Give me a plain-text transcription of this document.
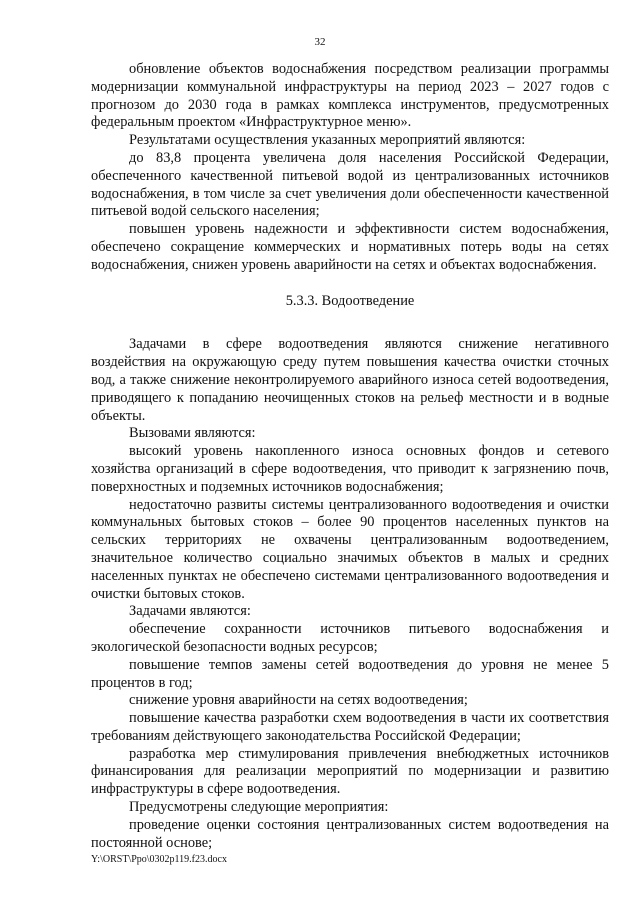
32

обновление объектов водоснабжения посредством реализации программы модернизации коммунальной инфраструктуры на период 2023 – 2027 годов с прогнозом до 2030 года в рамках комплекса инструментов, предусмотренных федеральным проектом «Инфраструктурное меню».

Результатами осуществления указанных мероприятий являются:

до 83,8 процента увеличена доля населения Российской Федерации, обеспеченного качественной питьевой водой из централизованных источников водоснабжения, в том числе за счет увеличения доли обеспеченности качественной питьевой водой сельского населения;

повышен уровень надежности и эффективности систем водоснабжения, обеспечено сокращение коммерческих и нормативных потерь воды на сетях водоснабжения, снижен уровень аварийности на сетях и объектах водоснабжения.

5.3.3. Водоотведение

Задачами в сфере водоотведения являются снижение негативного воздействия на окружающую среду путем повышения качества очистки сточных вод, а также снижение неконтролируемого аварийного износа сетей водоотведения, приводящего к попаданию неочищенных стоков на рельеф местности и в водные объекты.

Вызовами являются:

высокий уровень накопленного износа основных фондов и сетевого хозяйства организаций в сфере водоотведения, что приводит к загрязнению почв, поверхностных и подземных источников водоснабжения;

недостаточно развиты системы централизованного водоотведения и очистки коммунальных бытовых стоков – более 90 процентов населенных пунктов на сельских территориях не охвачены централизованным водоотведением, значительное количество социально значимых объектов в малых и средних населенных пунктах не обеспечено системами централизованного водоотведения и очистки бытовых стоков.

Задачами являются:

обеспечение сохранности источников питьевого водоснабжения и экологической безопасности водных ресурсов;

повышение темпов замены сетей водоотведения до уровня не менее 5 процентов в год;

снижение уровня аварийности на сетях водоотведения;

повышение качества разработки схем водоотведения в части их соответствия требованиям действующего законодательства Российской Федерации;

разработка мер стимулирования привлечения внебюджетных источников финансирования для реализации мероприятий по модернизации и развитию инфраструктуры в сфере водоотведения.

Предусмотрены следующие мероприятия:

проведение оценки состояния централизованных систем водоотведения на постоянной основе;

Y:\ORST\Ppo\0302p119.f23.docx
